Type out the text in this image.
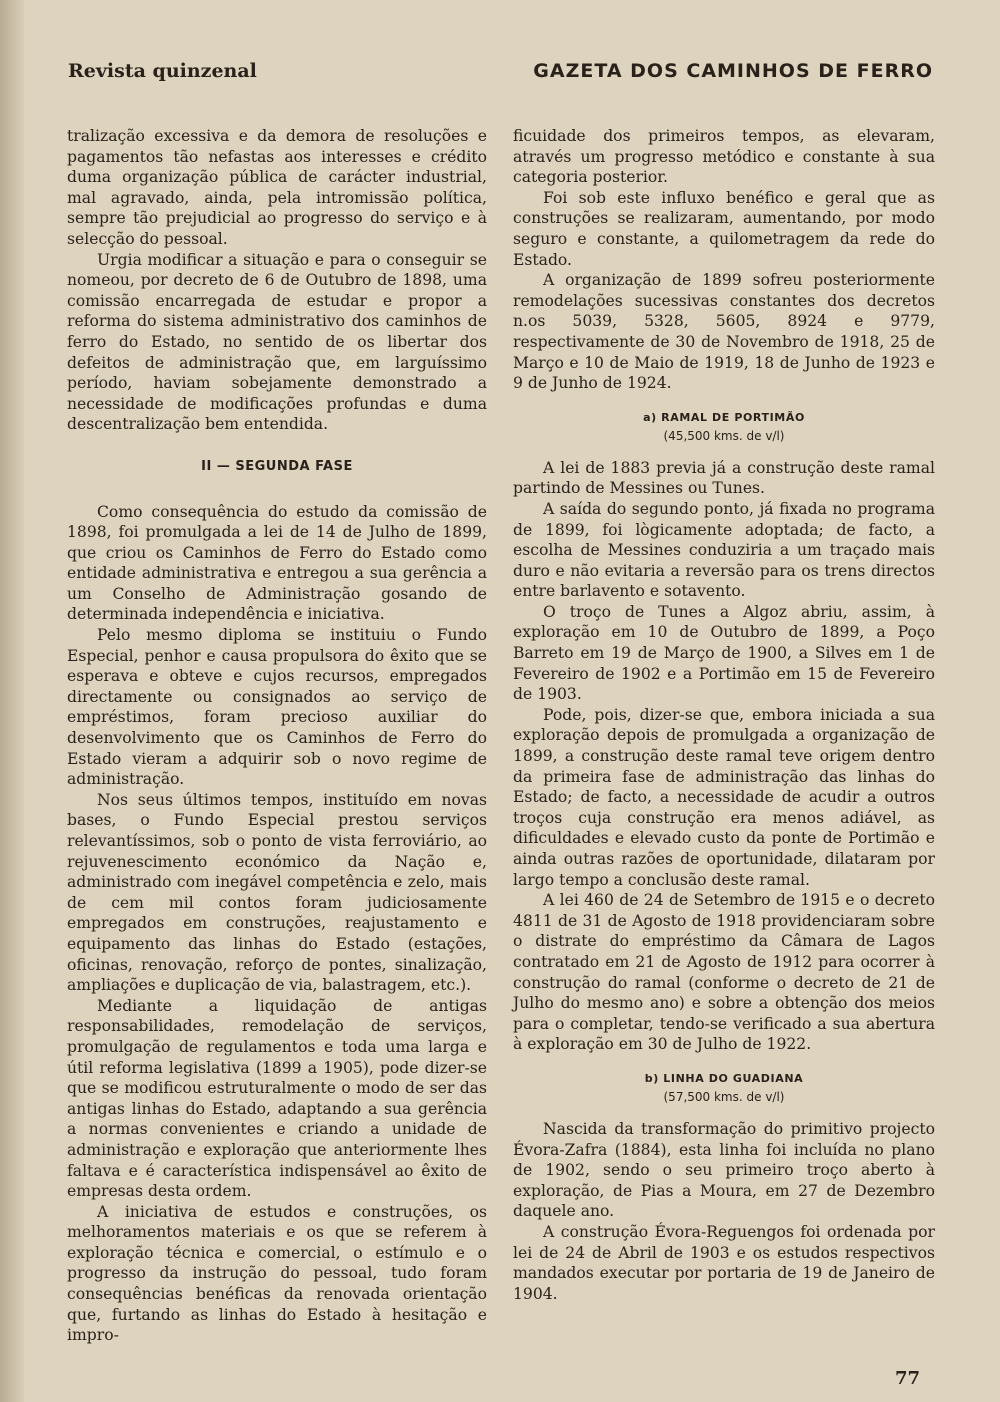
Revista quinzenal	GAZETA DOS CAMINHOS DE FERRO

tralização excessiva e da demora de resoluções e pagamentos tão nefastas aos interesses e crédito duma organização pública de carácter industrial, mal agravado, ainda, pela intromissão política, sempre tão prejudicial ao progresso do serviço e à selecção do pessoal.

Urgia modificar a situação e para o conseguir se nomeou, por decreto de 6 de Outubro de 1898, uma comissão encarregada de estudar e propor a reforma do sistema administrativo dos caminhos de ferro do Estado, no sentido de os libertar dos defeitos de administração que, em larguíssimo período, haviam sobejamente demonstrado a necessidade de modificações profundas e duma descentralização bem entendida.

II — SEGUNDA FASE

Como consequência do estudo da comissão de 1898, foi promulgada a lei de 14 de Julho de 1899, que criou os Caminhos de Ferro do Estado como entidade administrativa e entregou a sua gerência a um Conselho de Administração gosando de determinada independência e iniciativa.

Pelo mesmo diploma se instituiu o Fundo Especial, penhor e causa propulsora do êxito que se esperava e obteve e cujos recursos, empregados directamente ou consignados ao serviço de empréstimos, foram precioso auxiliar do desenvolvimento que os Caminhos de Ferro do Estado vieram a adquirir sob o novo regime de administração.

Nos seus últimos tempos, instituído em novas bases, o Fundo Especial prestou serviços relevantíssimos, sob o ponto de vista ferroviário, ao rejuvenescimento económico da Nação e, administrado com inegável competência e zelo, mais de cem mil contos foram judiciosamente empregados em construções, reajustamento e equipamento das linhas do Estado (estações, oficinas, renovação, reforço de pontes, sinalização, ampliações e duplicação de via, balastragem, etc.).

Mediante a liquidação de antigas responsabilidades, remodelação de serviços, promulgação de regulamentos e toda uma larga e útil reforma legislativa (1899 a 1905), pode dizer-se que se modificou estruturalmente o modo de ser das antigas linhas do Estado, adaptando a sua gerência a normas convenientes e criando a unidade de administração e exploração que anteriormente lhes faltava e é característica indispensável ao êxito de empresas desta ordem.

A iniciativa de estudos e construções, os melhoramentos materiais e os que se referem à exploração técnica e comercial, o estímulo e o progresso da instrução do pessoal, tudo foram consequências benéficas da renovada orientação que, furtando as linhas do Estado à hesitação e impro-

ficuidade dos primeiros tempos, as elevaram, através um progresso metódico e constante à sua categoria posterior.

Foi sob este influxo benéfico e geral que as construções se realizaram, aumentando, por modo seguro e constante, a quilometragem da rede do Estado.

A organização de 1899 sofreu posteriormente remodelações sucessivas constantes dos decretos n.os 5039, 5328, 5605, 8924 e 9779, respectivamente de 30 de Novembro de 1918, 25 de Março e 10 de Maio de 1919, 18 de Junho de 1923 e 9 de Junho de 1924.

a) RAMAL DE PORTIMÃO
(45,500 kms. de v/l)

A lei de 1883 previa já a construção deste ramal partindo de Messines ou Tunes.

A saída do segundo ponto, já fixada no programa de 1899, foi lògicamente adoptada; de facto, a escolha de Messines conduziria a um traçado mais duro e não evitaria a reversão para os trens directos entre barlavento e sotavento.

O troço de Tunes a Algoz abriu, assim, à exploração em 10 de Outubro de 1899, a Poço Barreto em 19 de Março de 1900, a Silves em 1 de Fevereiro de 1902 e a Portimão em 15 de Fevereiro de 1903.

Pode, pois, dizer-se que, embora iniciada a sua exploração depois de promulgada a organização de 1899, a construção deste ramal teve origem dentro da primeira fase de administração das linhas do Estado; de facto, a necessidade de acudir a outros troços cuja construção era menos adiável, as dificuldades e elevado custo da ponte de Portimão e ainda outras razões de oportunidade, dilataram por largo tempo a conclusão deste ramal.

A lei 460 de 24 de Setembro de 1915 e o decreto 4811 de 31 de Agosto de 1918 providenciaram sobre o distrate do empréstimo da Câmara de Lagos contratado em 21 de Agosto de 1912 para ocorrer à construção do ramal (conforme o decreto de 21 de Julho do mesmo ano) e sobre a obtenção dos meios para o completar, tendo-se verificado a sua abertura à exploração em 30 de Julho de 1922.

b) LINHA DO GUADIANA
(57,500 kms. de v/l)

Nascida da transformação do primitivo projecto Évora-Zafra (1884), esta linha foi incluída no plano de 1902, sendo o seu primeiro troço aberto à exploração, de Pias a Moura, em 27 de Dezembro daquele ano.

A construção Évora-Reguengos foi ordenada por lei de 24 de Abril de 1903 e os estudos respectivos mandados executar por portaria de 19 de Janeiro de 1904.

77
